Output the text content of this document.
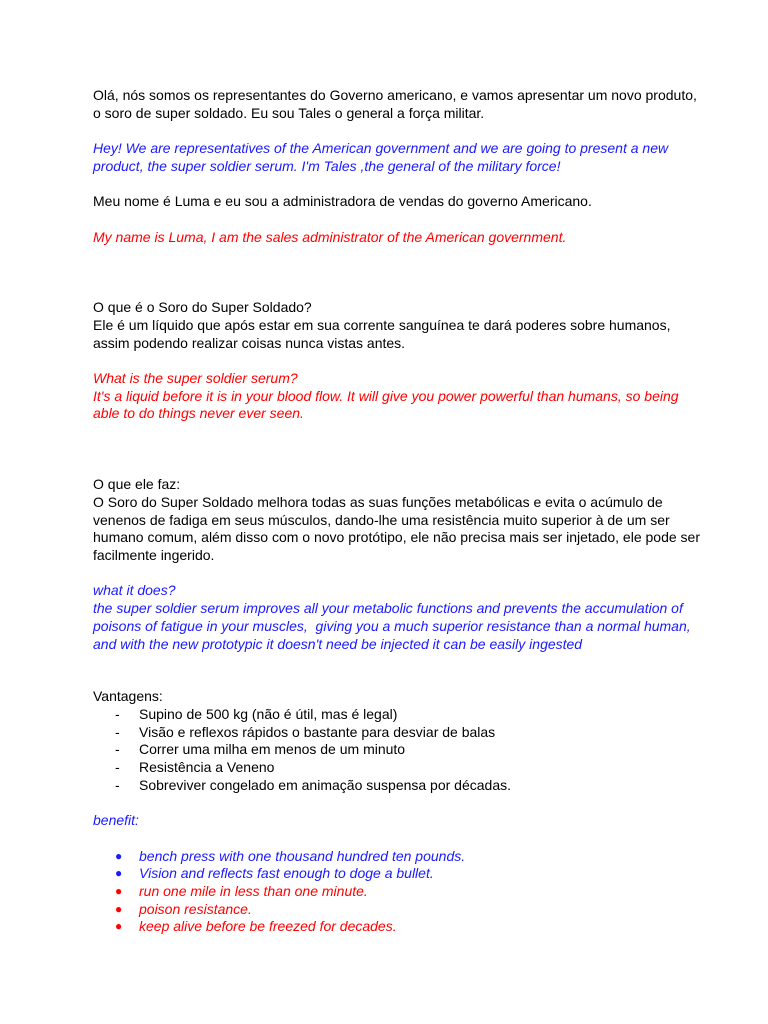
Olá, nós somos os representantes do Governo americano, e vamos apresentar um novo produto, o soro de super soldado. Eu sou Tales o general a força militar.

Hey! We are representatives of the American government and we are going to present a new product, the super soldier serum. I'm Tales ,the general of the military force!

Meu nome é Luma e eu sou a administradora de vendas do governo Americano.

My name is Luma, I am the sales administrator of the American government.

O que é o Soro do Super Soldado?

Ele é um líquido que após estar em sua corrente sanguínea te dará poderes sobre humanos, assim podendo realizar coisas nunca vistas antes.

What is the super soldier serum?

It's a liquid before it is in your blood flow. It will give you power powerful than humans, so being able to do things never ever seen.

O que ele faz:

O Soro do Super Soldado melhora todas as suas funções metabólicas e evita o acúmulo de venenos de fadiga em seus músculos, dando-lhe uma resistência muito superior à de um ser humano comum, além disso com o novo protótipo, ele não precisa mais ser injetado, ele pode ser facilmente ingerido.

what it does?

the super soldier serum improves all your metabolic functions and prevents the accumulation of poisons of fatigue in your muscles,  giving you a much superior resistance than a normal human, and with the new prototypic it doesn't need be injected it can be easily ingested

Vantagens:

- Supino de 500 kg (não é útil, mas é legal)
- Visão e reflexos rápidos o bastante para desviar de balas
- Correr uma milha em menos de um minuto
- Resistência a Veneno
- Sobreviver congelado em animação suspensa por décadas.

benefit:

● bench press with one thousand hundred ten pounds.
● Vision and reflects fast enough to doge a bullet.
● run one mile in less than one minute.
● poison resistance.
● keep alive before be freezed for decades.
